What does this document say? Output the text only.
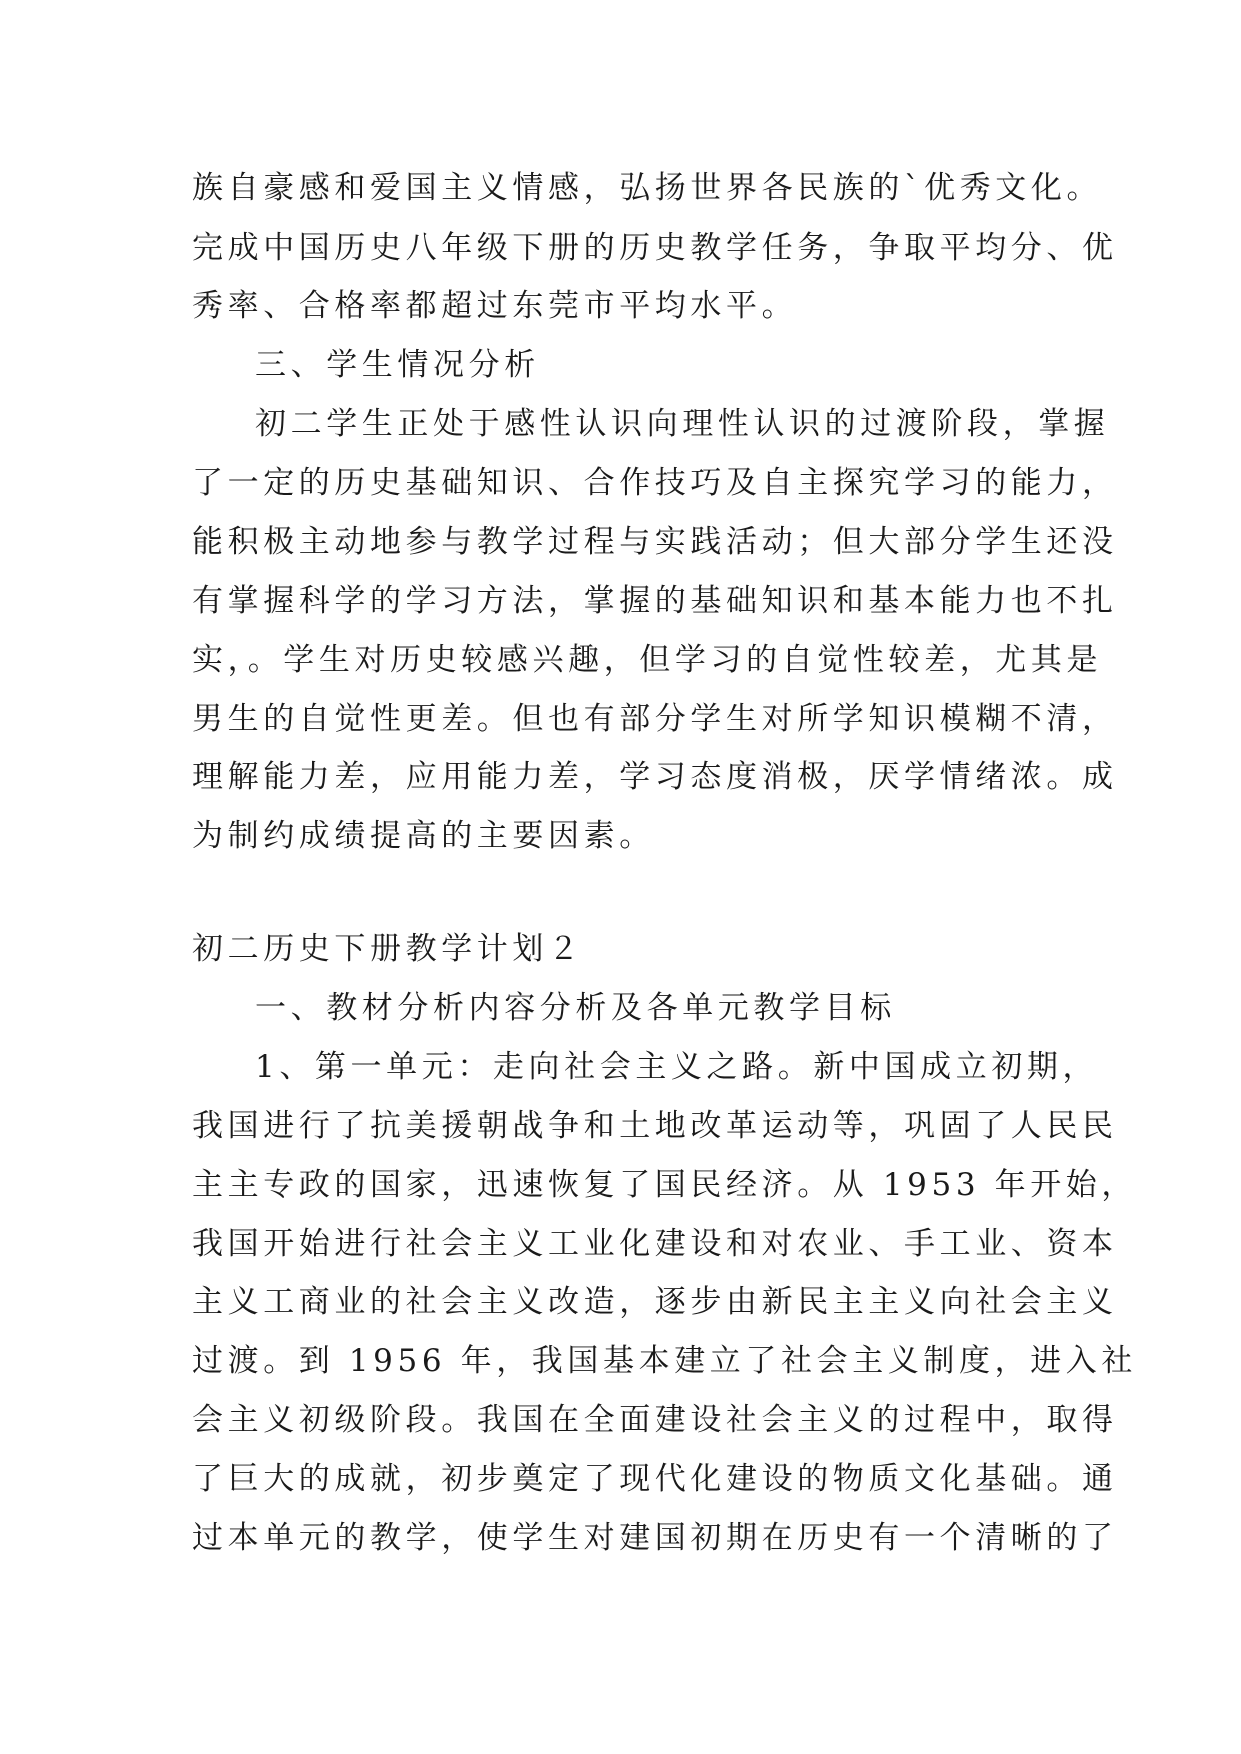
族自豪感和爱国主义情感，弘扬世界各民族的`优秀文化。

完成中国历史八年级下册的历史教学任务，争取平均分、优

秀率、合格率都超过东莞市平均水平。

三、学生情况分析

初二学生正处于感性认识向理性认识的过渡阶段，掌握

了一定的历史基础知识、合作技巧及自主探究学习的能力，

能积极主动地参与教学过程与实践活动；但大部分学生还没

有掌握科学的学习方法，掌握的基础知识和基本能力也不扎

实，。学生对历史较感兴趣，但学习的自觉性较差，尤其是

男生的自觉性更差。但也有部分学生对所学知识模糊不清，

理解能力差，应用能力差，学习态度消极，厌学情绪浓。成

为制约成绩提高的主要因素。

初二历史下册教学计划２

一、教材分析内容分析及各单元教学目标

1、第一单元：走向社会主义之路。新中国成立初期，

我国进行了抗美援朝战争和土地改革运动等，巩固了人民民

主主专政的国家，迅速恢复了国民经济。从 1953 年开始，

我国开始进行社会主义工业化建设和对农业、手工业、资本

主义工商业的社会主义改造，逐步由新民主主义向社会主义

过渡。到 1956 年，我国基本建立了社会主义制度，进入社

会主义初级阶段。我国在全面建设社会主义的过程中，取得

了巨大的成就，初步奠定了现代化建设的物质文化基础。通

过本单元的教学，使学生对建国初期在历史有一个清晰的了
